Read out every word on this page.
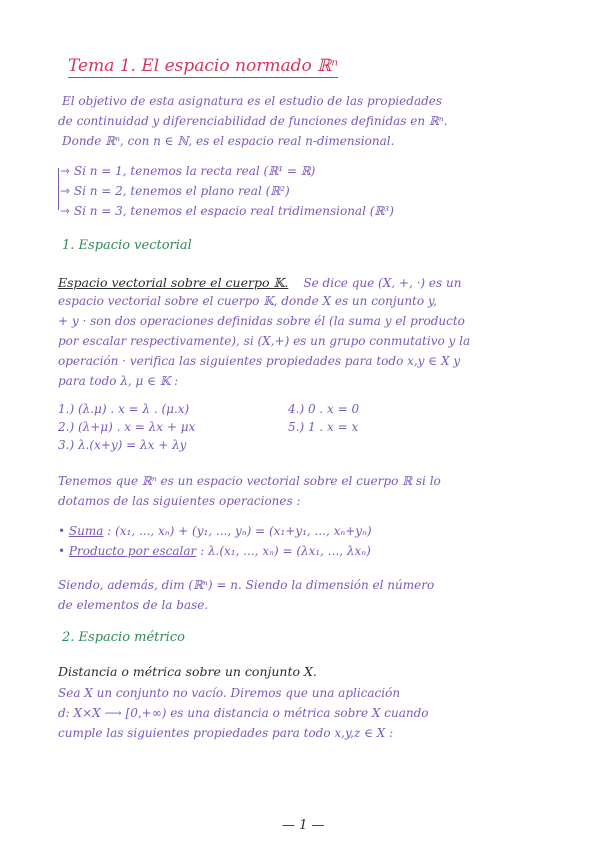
Tema 1. El espacio normado ℝⁿ
El objetivo de esta asignatura es el estudio de las propiedades
de continuidad y diferenciabilidad de funciones definidas en ℝⁿ.
Donde ℝⁿ, con n ∈ ℕ, es el espacio real n-dimensional.
⇾ Si n = 1, tenemos la recta real (ℝ¹ = ℝ)
⇾ Si n = 2, tenemos el plano real (ℝ²)
⇾ Si n = 3, tenemos el espacio real tridimensional (ℝ³)
1. Espacio vectorial
Espacio vectorial sobre el cuerpo 𝕂. Se dice que (X, +, ·) es un
espacio vectorial sobre el cuerpo 𝕂, donde X es un conjunto y,
+ y · son dos operaciones definidas sobre él (la suma y el producto
por escalar respectivamente), si (X,+) es un grupo conmutativo y la
operación · verifica las siguientes propiedades para todo x,y ∈ X y
para todo λ, μ ∈ 𝕂 :
1.) (λ.μ) . x = λ . (μ.x)
2.) (λ+μ) . x = λx + μx
3.) λ.(x+y) = λx + λy
4.) 0 . x = 0
5.) 1 . x = x
Tenemos que ℝⁿ es un espacio vectorial sobre el cuerpo ℝ si lo
dotamos de las siguientes operaciones :
• Suma : (x₁, ..., xₙ) + (y₁, ..., yₙ) = (x₁+y₁, ..., xₙ+yₙ)
• Producto por escalar : λ.(x₁, ..., xₙ) = (λx₁, ..., λxₙ)
Siendo, además, dim (ℝⁿ) = n. Siendo la dimensión el número
de elementos de la base.
2. Espacio métrico
Distancia o métrica sobre un conjunto X.
Sea X un conjunto no vacío. Diremos que una aplicación
d: X×X ⟶ [0,+∞) es una distancia o métrica sobre X cuando
cumple las siguientes propiedades para todo x,y,z ∈ X :
— 1 —
